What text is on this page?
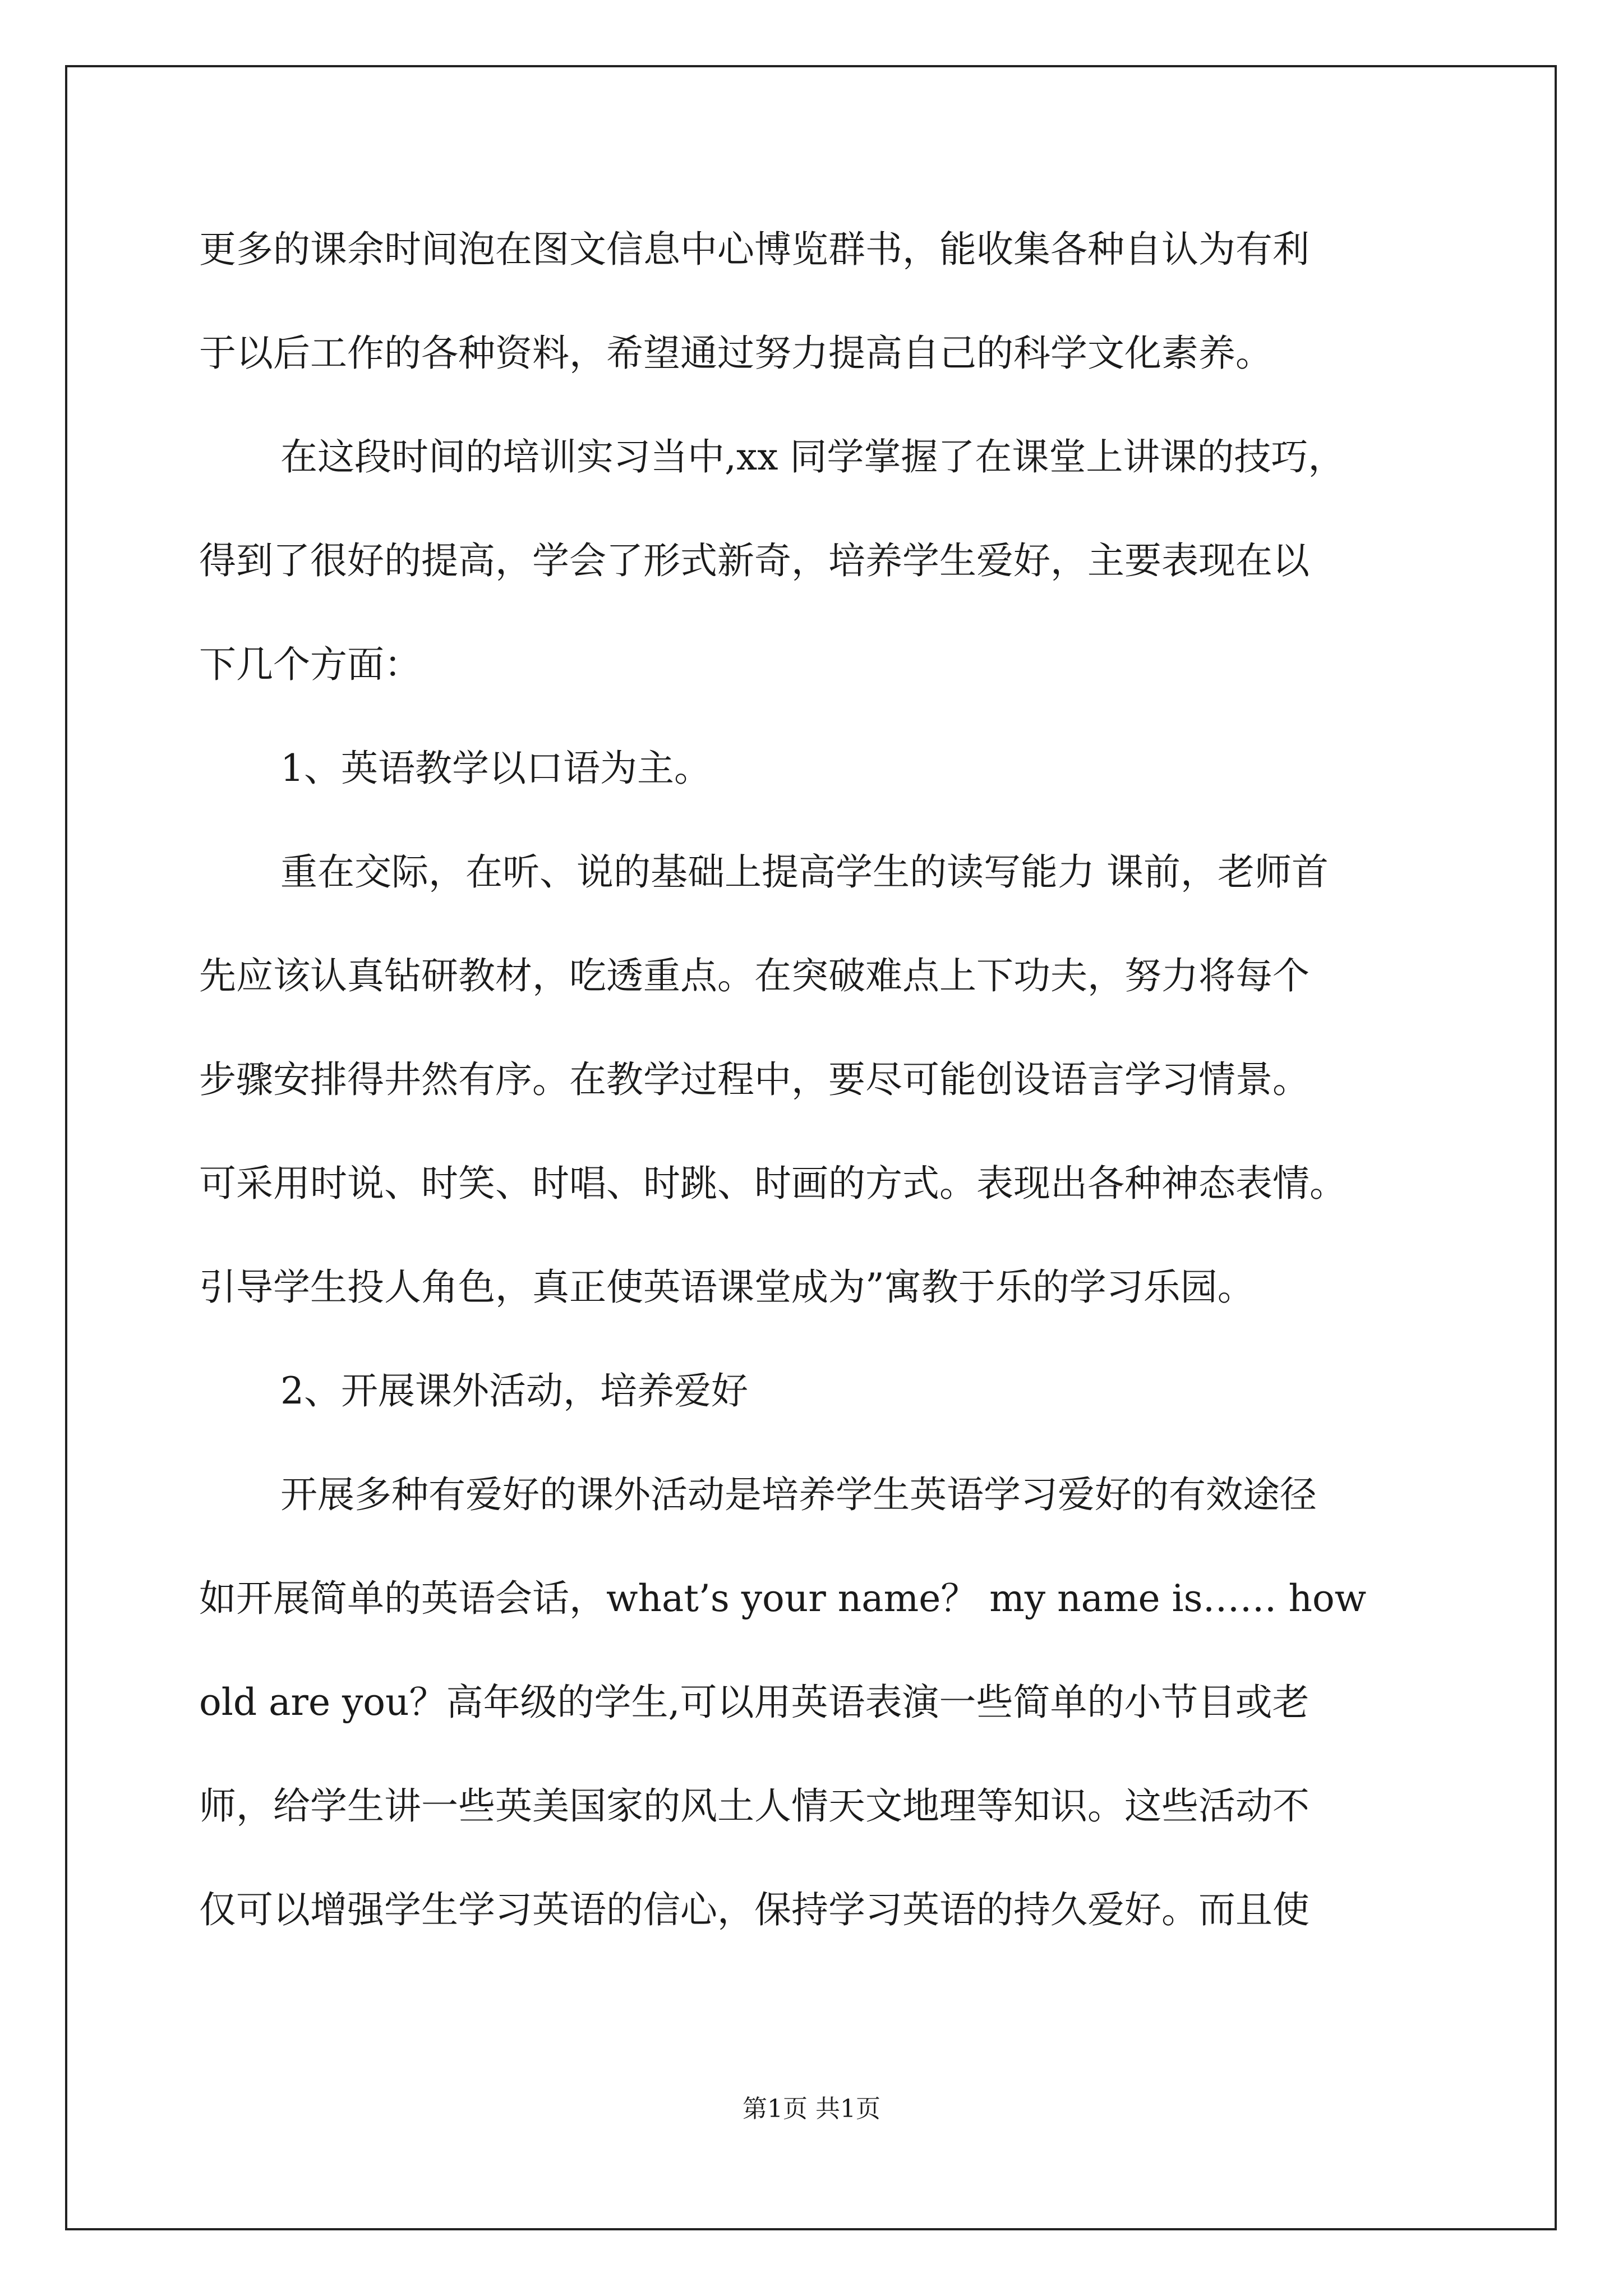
更多的课余时间泡在图文信息中心博览群书，能收集各种自认为有利
于以后工作的各种资料，希望通过努力提高自己的科学文化素养。
在这段时间的培训实习当中,xx 同学掌握了在课堂上讲课的技巧，
得到了很好的提高，学会了形式新奇，培养学生爱好，主要表现在以
下几个方面：
1、英语教学以口语为主。
重在交际，在听、说的基础上提高学生的读写能力 课前，老师首
先应该认真钻研教材，吃透重点。在突破难点上下功夫，努力将每个
步骤安排得井然有序。在教学过程中，要尽可能创设语言学习情景。
可采用时说、时笑、时唱、时跳、时画的方式。表现出各种神态表情。
引导学生投人角色，真正使英语课堂成为”寓教于乐的学习乐园。
2、开展课外活动，培养爱好
开展多种有爱好的课外活动是培养学生英语学习爱好的有效途径
如开展简单的英语会话，what’s your name？ my name is…… how
old are you？高年级的学生,可以用英语表演一些简单的小节目或老
师，给学生讲一些英美国家的风土人情天文地理等知识。这些活动不
仅可以增强学生学习英语的信心，保持学习英语的持久爱好。而且使
第1页 共1页
